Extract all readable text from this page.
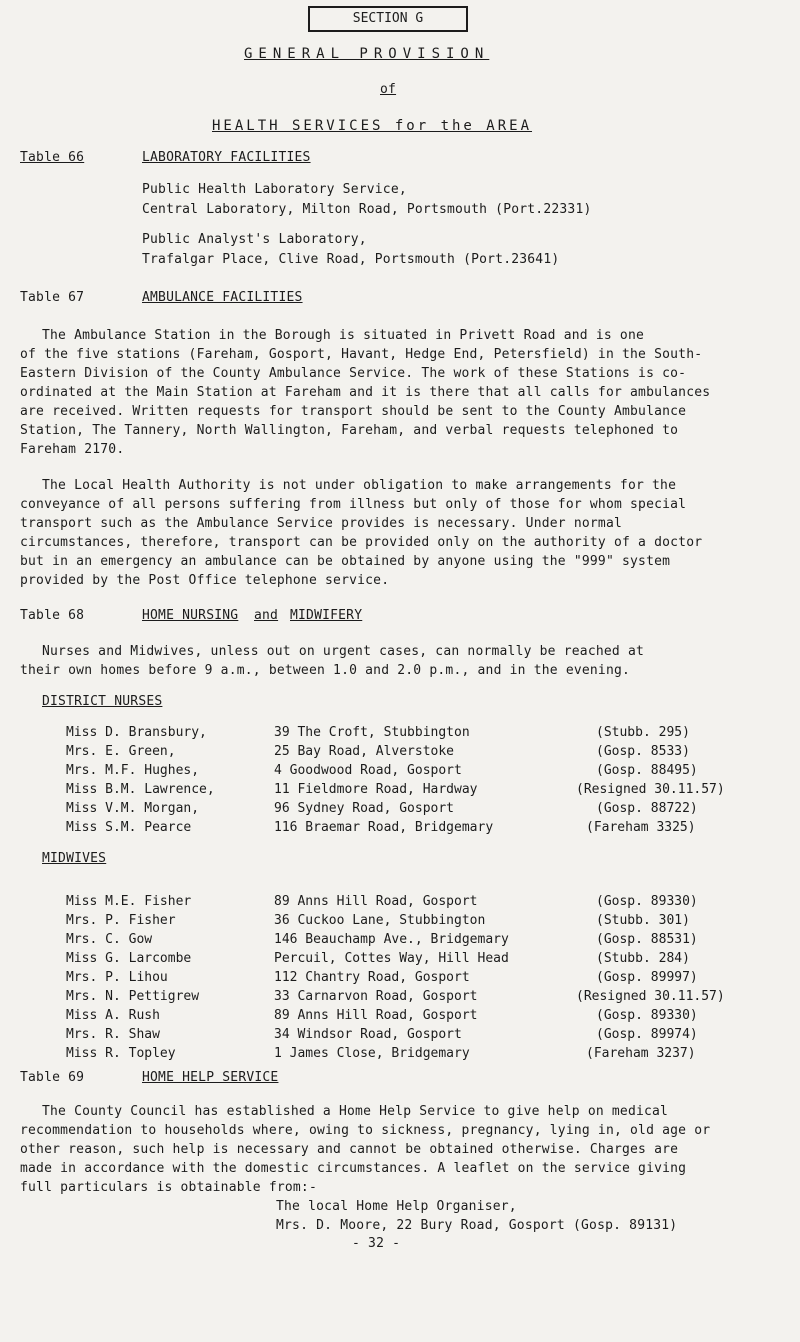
SECTION G
GENERAL PROVISION
of
HEALTH SERVICES for the AREA
Table 66	LABORATORY FACILITIES
Public Health Laboratory Service,
Central Laboratory, Milton Road, Portsmouth (Port.22331)
Public Analyst's Laboratory,
Trafalgar Place, Clive Road, Portsmouth (Port.23641)
Table 67	AMBULANCE FACILITIES
The Ambulance Station in the Borough is situated in Privett Road and is one
of the five stations (Fareham, Gosport, Havant, Hedge End, Petersfield) in the South-
Eastern Division of the County Ambulance Service. The work of these Stations is co-
ordinated at the Main Station at Fareham and it is there that all calls for ambulances
are received. Written requests for transport should be sent to the County Ambulance
Station, The Tannery, North Wallington, Fareham, and verbal requests telephoned to
Fareham 2170.
The Local Health Authority is not under obligation to make arrangements for the
conveyance of all persons suffering from illness but only of those for whom special
transport such as the Ambulance Service provides is necessary. Under normal
circumstances, therefore, transport can be provided only on the authority of a doctor
but in an emergency an ambulance can be obtained by anyone using the "999" system
provided by the Post Office telephone service.
Table 68	HOME NURSING and MIDWIFERY
Nurses and Midwives, unless out on urgent cases, can normally be reached at
their own homes before 9 a.m., between 1.0 and 2.0 p.m., and in the evening.
DISTRICT NURSES
Miss D. Bransbury,	39 The Croft, Stubbington	(Stubb. 295)
Mrs. E. Green,	25 Bay Road, Alverstoke	(Gosp. 8533)
Mrs. M.F. Hughes,	4 Goodwood Road, Gosport	(Gosp. 88495)
Miss B.M. Lawrence,	11 Fieldmore Road, Hardway	(Resigned 30.11.57)
Miss V.M. Morgan,	96 Sydney Road, Gosport	(Gosp. 88722)
Miss S.M. Pearce	116 Braemar Road, Bridgemary	(Fareham 3325)
MIDWIVES
Miss M.E. Fisher	89 Anns Hill Road, Gosport	(Gosp. 89330)
Mrs. P. Fisher	36 Cuckoo Lane, Stubbington	(Stubb. 301)
Mrs. C. Gow	146 Beauchamp Ave., Bridgemary	(Gosp. 88531)
Miss G. Larcombe	Percuil, Cottes Way, Hill Head	(Stubb. 284)
Mrs. P. Lihou	112 Chantry Road, Gosport	(Gosp. 89997)
Mrs. N. Pettigrew	33 Carnarvon Road, Gosport	(Resigned 30.11.57)
Miss A. Rush	89 Anns Hill Road, Gosport	(Gosp. 89330)
Mrs. R. Shaw	34 Windsor Road, Gosport	(Gosp. 89974)
Miss R. Topley	1 James Close, Bridgemary	(Fareham 3237)
Table 69	HOME HELP SERVICE
The County Council has established a Home Help Service to give help on medical
recommendation to households where, owing to sickness, pregnancy, lying in, old age or
other reason, such help is necessary and cannot be obtained otherwise. Charges are
made in accordance with the domestic circumstances. A leaflet on the service giving
full particulars is obtainable from:-
The local Home Help Organiser,
Mrs. D. Moore, 22 Bury Road, Gosport (Gosp. 89131)
- 32 -
